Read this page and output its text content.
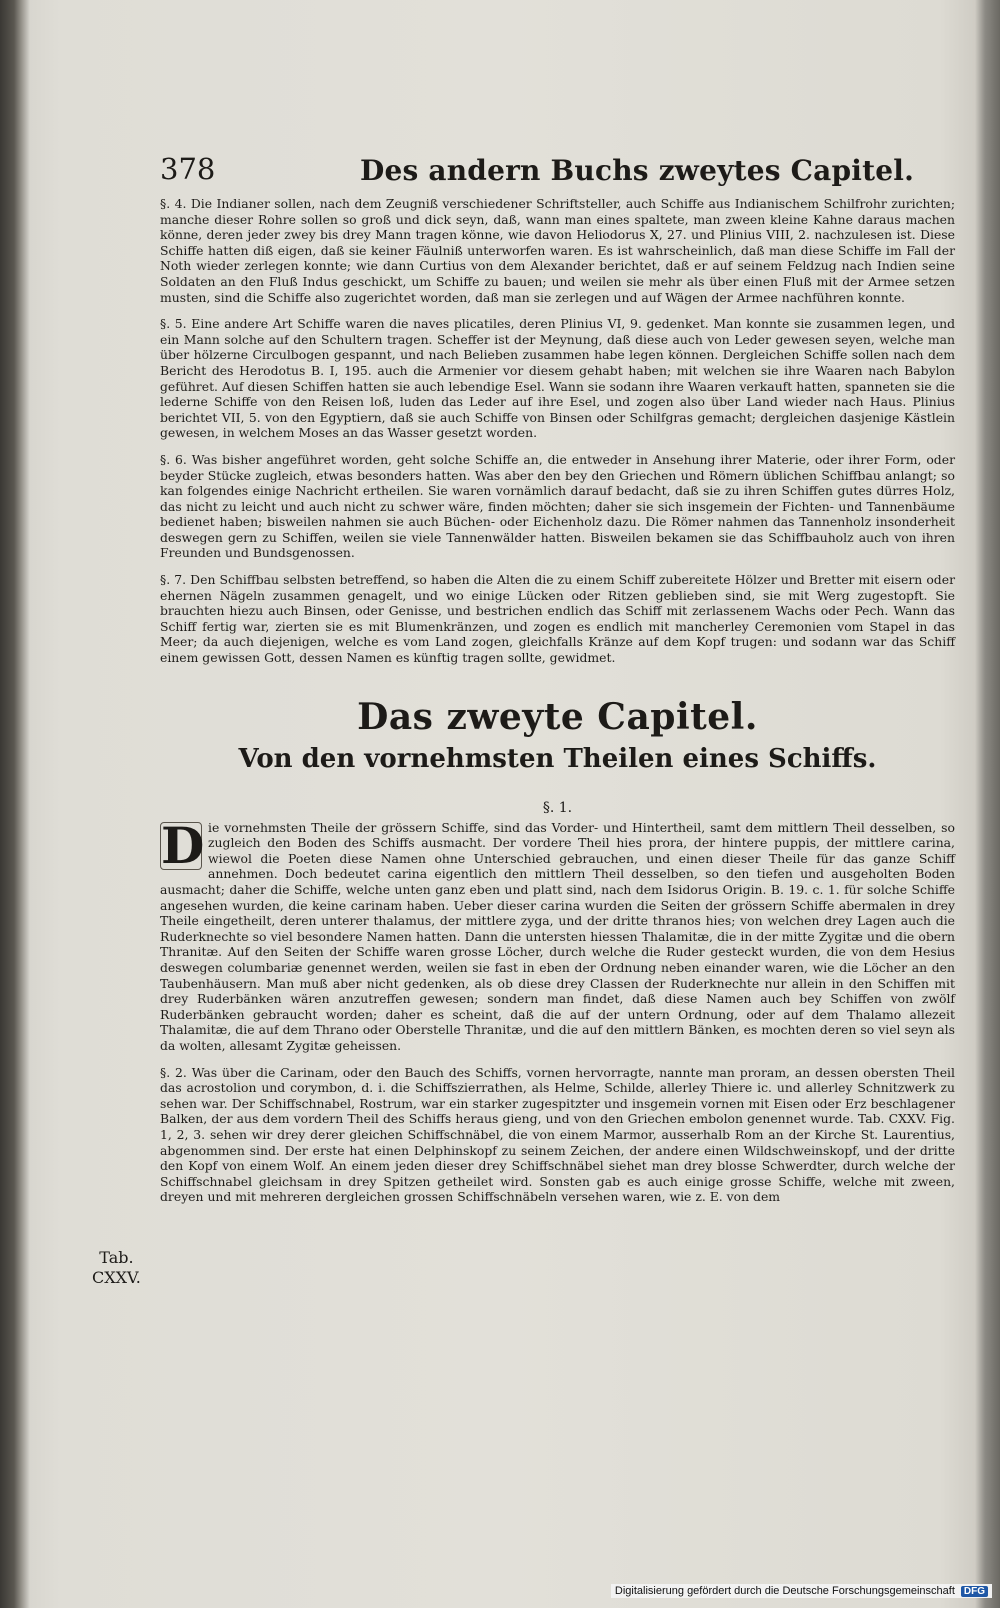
378	Des andern Buchs zweytes Capitel.

§. 4. Die Indianer sollen, nach dem Zeugniß verschiedener Schriftsteller, auch Schiffe aus Indianischem Schilfrohr zurichten; manche dieser Rohre sollen so groß und dick seyn, daß, wann man eines spaltete, man zween kleine Kahne daraus machen könne, deren jeder zwey bis drey Mann tragen könne, wie davon Heliodorus X, 27. und Plinius VIII, 2. nachzulesen ist. Diese Schiffe hatten diß eigen, daß sie keiner Fäulniß unterworfen waren. Es ist wahrscheinlich, daß man diese Schiffe im Fall der Noth wieder zerlegen konnte; wie dann Curtius von dem Alexander berichtet, daß er auf seinem Feldzug nach Indien seine Soldaten an den Fluß Indus geschickt, um Schiffe zu bauen; und weilen sie mehr als über einen Fluß mit der Armee setzen musten, sind die Schiffe also zugerichtet worden, daß man sie zerlegen und auf Wägen der Armee nachführen konnte.

§. 5. Eine andere Art Schiffe waren die naves plicatiles, deren Plinius VI, 9. gedenket. Man konnte sie zusammen legen, und ein Mann solche auf den Schultern tragen. Scheffer ist der Meynung, daß diese auch von Leder gewesen seyen, welche man über hölzerne Circulbogen gespannt, und nach Belieben zusammen habe legen können. Dergleichen Schiffe sollen nach dem Bericht des Herodotus B. I, 195. auch die Armenier vor diesem gehabt haben; mit welchen sie ihre Waaren nach Babylon geführet. Auf diesen Schiffen hatten sie auch lebendige Esel. Wann sie sodann ihre Waaren verkauft hatten, spanneten sie die lederne Schiffe von den Reisen loß, luden das Leder auf ihre Esel, und zogen also über Land wieder nach Haus. Plinius berichtet VII, 5. von den Egyptiern, daß sie auch Schiffe von Binsen oder Schilfgras gemacht; dergleichen dasjenige Kästlein gewesen, in welchem Moses an das Wasser gesetzt worden.

§. 6. Was bisher angeführet worden, geht solche Schiffe an, die entweder in Ansehung ihrer Materie, oder ihrer Form, oder beyder Stücke zugleich, etwas besonders hatten. Was aber den bey den Griechen und Römern üblichen Schiffbau anlangt; so kan folgendes einige Nachricht ertheilen. Sie waren vornämlich darauf bedacht, daß sie zu ihren Schiffen gutes dürres Holz, das nicht zu leicht und auch nicht zu schwer wäre, finden möchten; daher sie sich insgemein der Fichten- und Tannenbäume bedienet haben; bisweilen nahmen sie auch Büchen- oder Eichenholz dazu. Die Römer nahmen das Tannenholz insonderheit deswegen gern zu Schiffen, weilen sie viele Tannenwälder hatten. Bisweilen bekamen sie das Schiffbauholz auch von ihren Freunden und Bundsgenossen.

§. 7. Den Schiffbau selbsten betreffend, so haben die Alten die zu einem Schiff zubereitete Hölzer und Bretter mit eisern oder ehernen Nägeln zusammen genagelt, und wo einige Lücken oder Ritzen geblieben sind, sie mit Werg zugestopft. Sie brauchten hiezu auch Binsen, oder Genisse, und bestrichen endlich das Schiff mit zerlassenem Wachs oder Pech. Wann das Schiff fertig war, zierten sie es mit Blumenkränzen, und zogen es endlich mit mancherley Ceremonien vom Stapel in das Meer; da auch diejenigen, welche es vom Land zogen, gleichfalls Kränze auf dem Kopf trugen: und sodann war das Schiff einem gewissen Gott, dessen Namen es künftig tragen sollte, gewidmet.

Das zweyte Capitel.
Von den vornehmsten Theilen eines Schiffs.
§. 1.

D ie vornehmsten Theile der grössern Schiffe, sind das Vorder- und Hintertheil, samt dem mittlern Theil desselben, so zugleich den Boden des Schiffs ausmacht. Der vordere Theil hies prora, der hintere puppis, der mittlere carina, wiewol die Poeten diese Namen ohne Unterschied gebrauchen, und einen dieser Theile für das ganze Schiff annehmen. Doch bedeutet carina eigentlich den mittlern Theil desselben, so den tiefen und ausgeholten Boden ausmacht; daher die Schiffe, welche unten ganz eben und platt sind, nach dem Isidorus Origin. B. 19. c. 1. für solche Schiffe angesehen wurden, die keine carinam haben. Ueber dieser carina wurden die Seiten der grössern Schiffe abermalen in drey Theile eingetheilt, deren unterer thalamus, der mittlere zyga, und der dritte thranos hies; von welchen drey Lagen auch die Ruderknechte so viel besondere Namen hatten. Dann die untersten hiessen Thalamitæ, die in der mitte Zygitæ und die obern Thranitæ. Auf den Seiten der Schiffe waren grosse Löcher, durch welche die Ruder gesteckt wurden, die von dem Hesius deswegen columbariæ genennet werden, weilen sie fast in eben der Ordnung neben einander waren, wie die Löcher an den Taubenhäusern. Man muß aber nicht gedenken, als ob diese drey Classen der Ruderknechte nur allein in den Schiffen mit drey Ruderbänken wären anzutreffen gewesen; sondern man findet, daß diese Namen auch bey Schiffen von zwölf Ruderbänken gebraucht worden; daher es scheint, daß die auf der untern Ordnung, oder auf dem Thalamo allezeit Thalamitæ, die auf dem Thrano oder Oberstelle Thranitæ, und die auf den mittlern Bänken, es mochten deren so viel seyn als da wolten, allesamt Zygitæ geheissen.

§. 2. Was über die Carinam, oder den Bauch des Schiffs, vornen hervorragte, nannte man proram, an dessen obersten Theil das acrostolion und corymbon, d. i. die Schiffszierrathen, als Helme, Schilde, allerley Thiere ic. und allerley Schnitzwerk zu sehen war. Der Schiffschnabel, Rostrum, war ein starker zugespitzter und insgemein vornen mit Eisen oder Erz beschlagener Balken, der aus dem vordern Theil des Schiffs heraus gieng, und von den Griechen embolon genennet wurde. Tab. CXXV. Fig. 1, 2, 3. sehen wir drey derer gleichen Schiffschnäbel, die von einem Marmor, ausserhalb Rom an der Kirche St. Laurentius, abgenommen sind. Der erste hat einen Delphinskopf zu seinem Zeichen, der andere einen Wildschweinskopf, und der dritte den Kopf von einem Wolf. An einem jeden dieser drey Schiffschnäbel siehet man drey blosse Schwerdter, durch welche der Schiffschnabel gleichsam in drey Spitzen getheilet wird. Sonsten gab es auch einige grosse Schiffe, welche mit zween, dreyen und mit mehreren dergleichen grossen Schiffschnäbeln versehen waren, wie z. E. von dem

Tab.
CXXV.
Digitalisierung gefördert durch die Deutsche Forschungsgemeinschaft DFG
